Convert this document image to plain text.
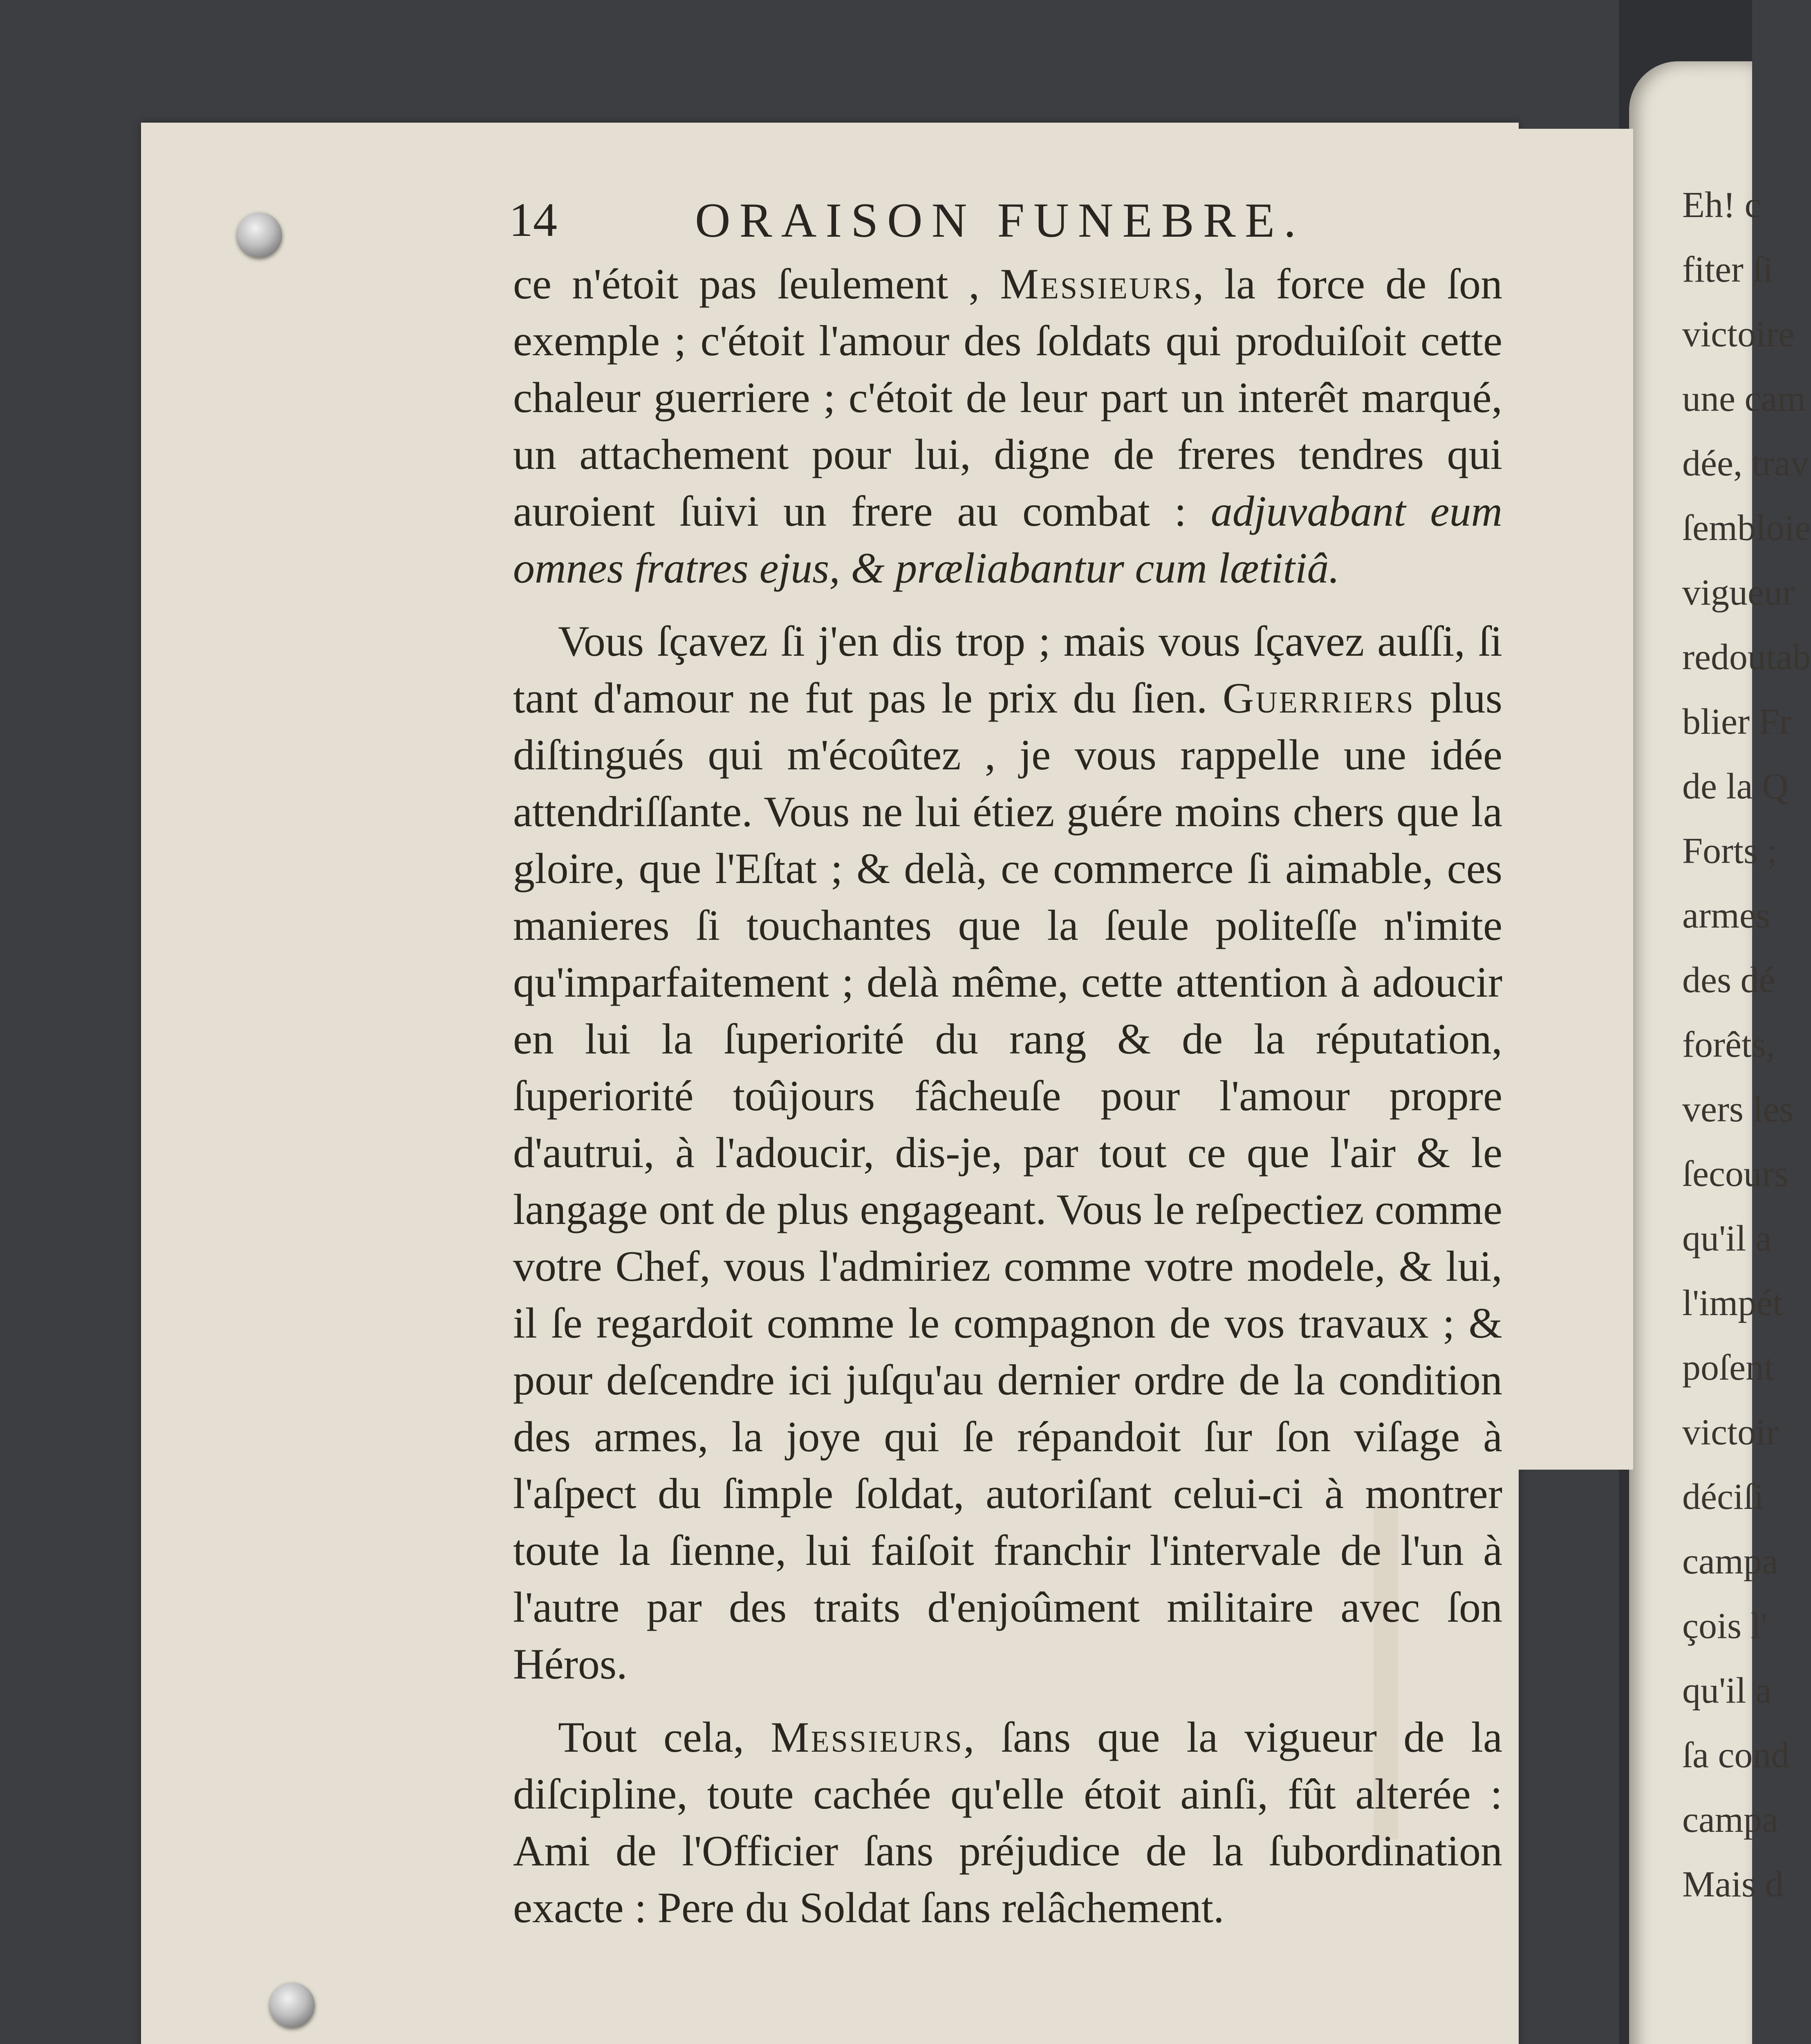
Eh! c
fiter ſi
victoire
une cam
dée, trav
ſembloie
vigueur
redoutab
blier Fr
de la Q
Forts ;
armes
des dé
forêts,
vers les
ſecours
qu'il a
l'impét
poſent
victoir
déciſi
campa
çois l'
qu'il a
ſa cond
campa
Mais d
14	ORAISON FUNEBRE.

ce n'étoit pas ſeulement , Messieurs, la force de ſon exemple ; c'étoit l'amour des ſoldats qui produiſoit cette chaleur guerriere ; c'étoit de leur part un interêt marqué, un attachement pour lui, digne de freres tendres qui auroient ſuivi un frere au combat : adjuvabant eum omnes fratres ejus, & præliabantur cum lætitiâ.

Vous ſçavez ſi j'en dis trop ; mais vous ſçavez auſſi, ſi tant d'amour ne fut pas le prix du ſien. Guerriers plus diſtingués qui m'écoûtez , je vous rappelle une idée attendriſſante. Vous ne lui étiez guére moins chers que la gloire, que l'Eſtat ; & delà, ce commerce ſi aimable, ces manieres ſi touchantes que la ſeule politeſſe n'imite qu'imparfaitement ; delà même, cette attention à adoucir en lui la ſuperiorité du rang & de la réputation, ſuperiorité toûjours fâcheuſe pour l'amour propre d'autrui, à l'adoucir, dis-je, par tout ce que l'air & le langage ont de plus engageant. Vous le reſpectiez comme votre Chef, vous l'admiriez comme votre modele, & lui, il ſe regardoit comme le compagnon de vos travaux ; & pour deſcendre ici juſqu'au dernier ordre de la condition des armes, la joye qui ſe répandoit ſur ſon viſage à l'aſpect du ſimple ſoldat, autoriſant celui-ci à montrer toute la ſienne, lui faiſoit franchir l'intervale de l'un à l'autre par des traits d'enjoûment militaire avec ſon Héros.

Tout cela, Messieurs, ſans que la vigueur de la diſcipline, toute cachée qu'elle étoit ainſi, fût alterée : Ami de l'Officier ſans préjudice de la ſubordination exacte : Pere du Soldat ſans relâchement.
